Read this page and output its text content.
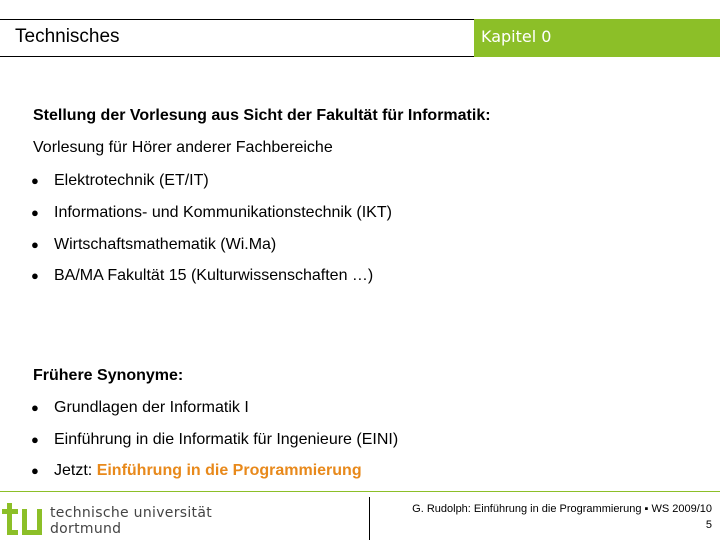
Technisches	Kapitel 0
Stellung der Vorlesung aus Sicht der Fakultät für Informatik:
Vorlesung für Hörer anderer Fachbereiche
● Elektrotechnik (ET/IT)
● Informations- und Kommunikationstechnik (IKT)
● Wirtschaftsmathematik (Wi.Ma)
● BA/MA Fakultät 15 (Kulturwissenschaften …)
Frühere Synonyme:
● Grundlagen der Informatik I
● Einführung in die Informatik für Ingenieure (EINI)
● Jetzt: Einführung in die Programmierung
technische universität
dortmund
G. Rudolph: Einführung in die Programmierung ▪ WS 2009/10
5
